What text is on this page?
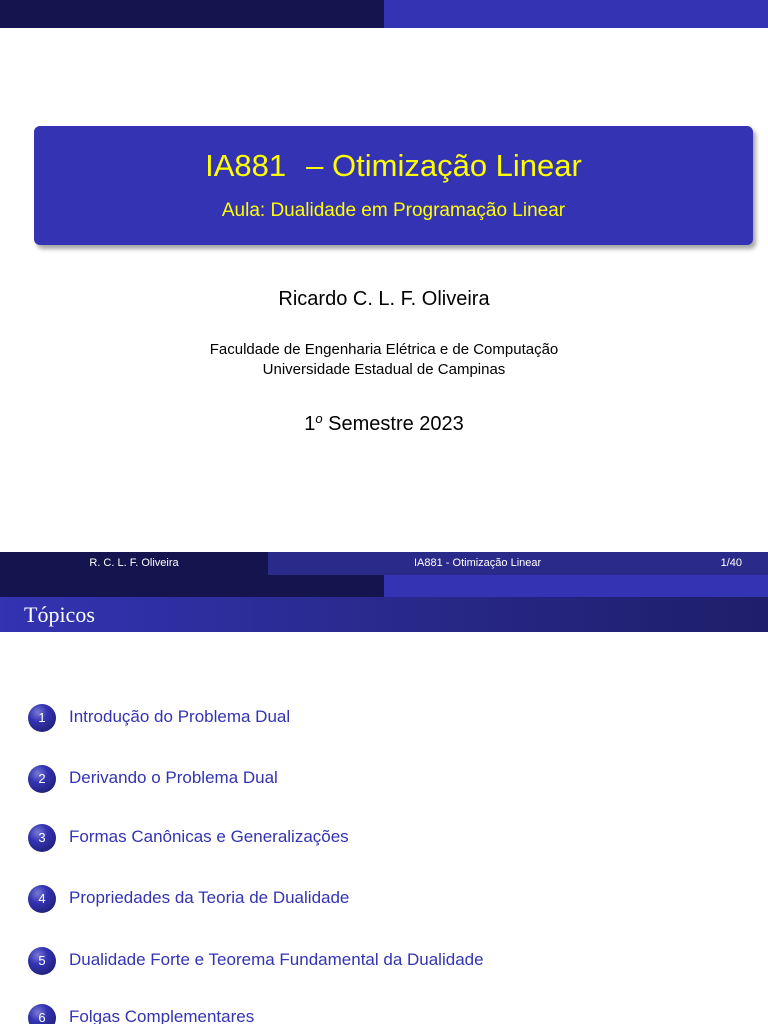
IA881 – Otimização Linear
Aula: Dualidade em Programação Linear
Ricardo C. L. F. Oliveira
Faculdade de Engenharia Elétrica e de Computação
Universidade Estadual de Campinas
1$^o$ Semestre 2023
R. C. L. F. Oliveira	IA881 - Otimização Linear	1/40
Tópicos
1	Introdução do Problema Dual
2	Derivando o Problema Dual
3	Formas Canônicas e Generalizações
4	Propriedades da Teoria de Dualidade
5	Dualidade Forte e Teorema Fundamental da Dualidade
6	Folgas Complementares
